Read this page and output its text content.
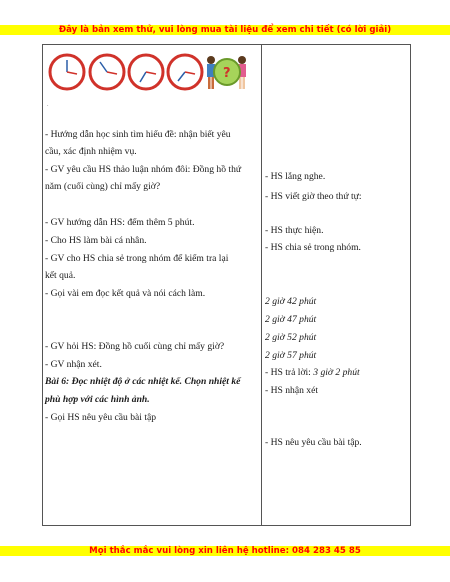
Đây là bản xem thử, vui lòng mua tài liệu để xem chi tiết (có lời giải)
?
.
- Hướng dẫn học sinh tìm hiểu đề: nhận biết yêu
cầu, xác định nhiệm vụ.
- GV yêu cầu HS thảo luận nhóm đôi: Đồng hồ thứ
năm (cuối cùng) chỉ mấy giờ?
- GV hướng dẫn HS: đếm thêm 5 phút.
- Cho HS làm bài cá nhân.
- GV cho HS chia sẻ trong nhóm để kiểm tra lại
kết quả.
- Gọi vài em đọc kết quả và nói cách làm.
- GV hỏi HS: Đồng hồ cuối cùng chỉ mấy giờ?
- GV nhận xét.
Bài 6: Đọc nhiệt độ ở các nhiệt kế. Chọn nhiệt kế
phù hợp với các hình ảnh.
- Gọi HS nêu yêu cầu bài tập
- HS lắng nghe.
- HS viết giờ theo thứ tự:
- HS thực hiện.
- HS chia sẻ trong nhóm.
2 giờ 42 phút
2 giờ 47 phút
2 giờ 52 phút
2 giờ 57 phút
- HS trả lời: 3 giờ 2 phút
- HS nhận xét
- HS nêu yêu cầu bài tập.
Mọi thắc mắc vui lòng xin liên hệ hotline: 084 283 45 85
